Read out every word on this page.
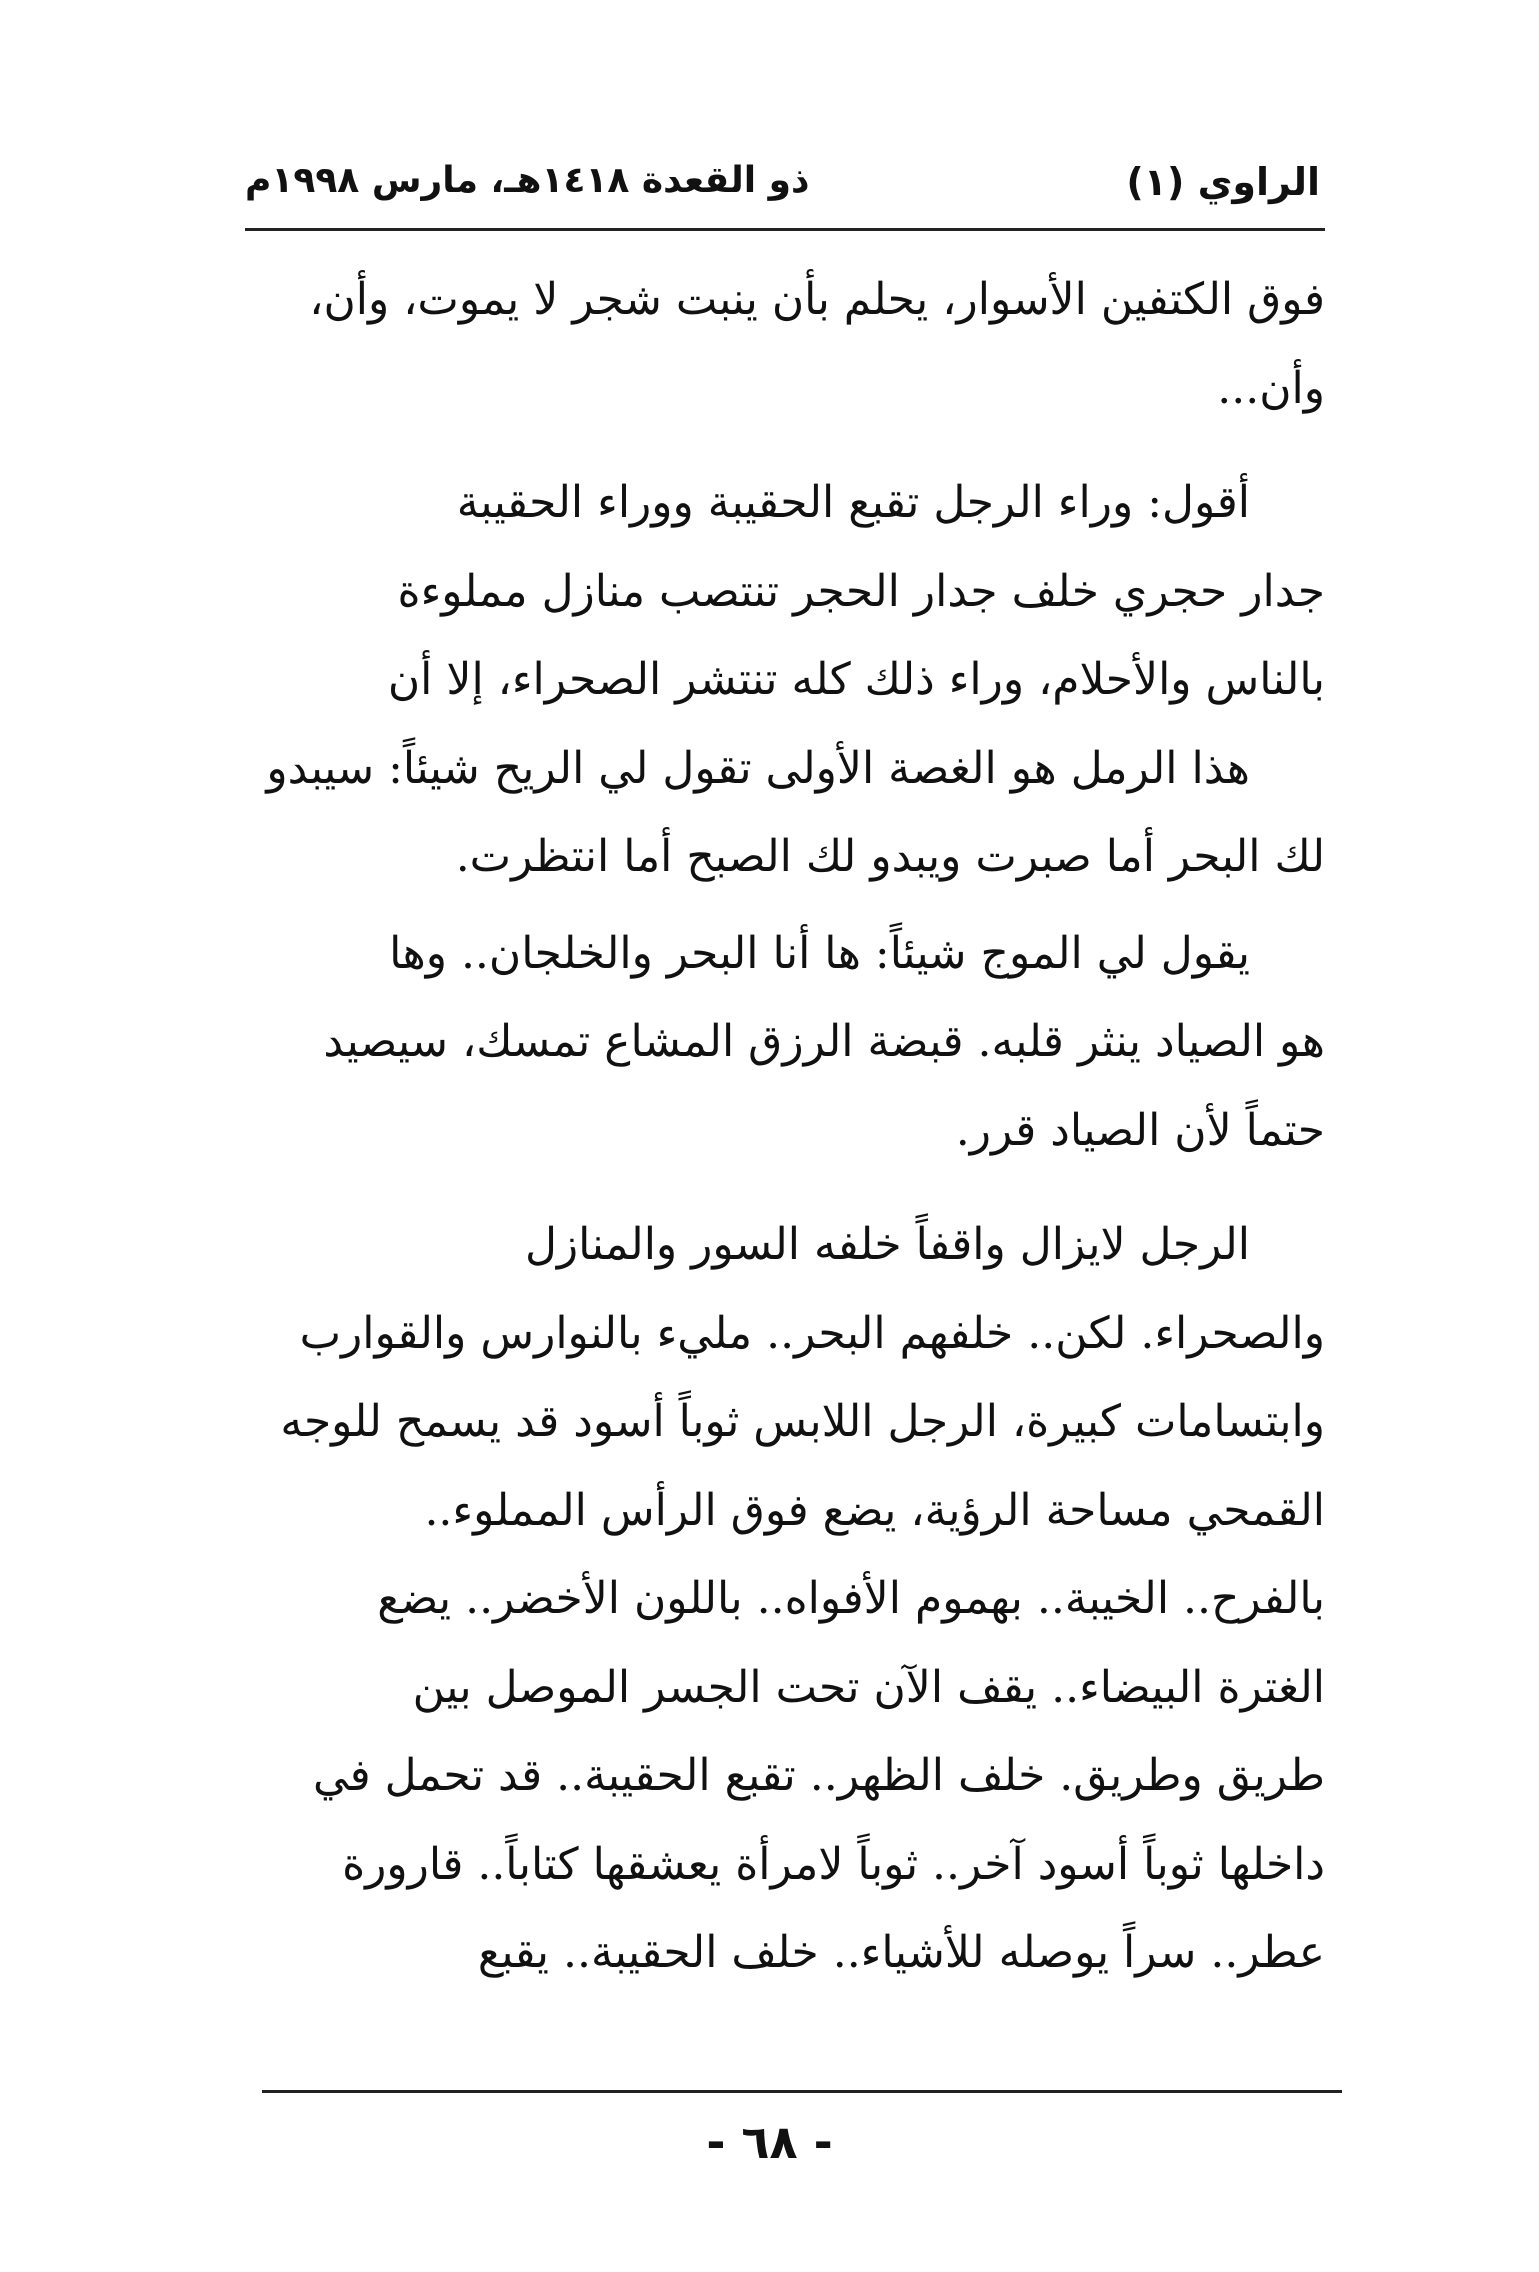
الراوي (١)
ذو القعدة ١٤١٨هـ، مارس ١٩٩٨م
فوق الكتفين الأسوار، يحلم بأن ينبت شجر لا يموت، وأن،
وأن...
أقول: وراء الرجل تقبع الحقيبة ووراء الحقيبة
جدار حجري خلف جدار الحجر تنتصب منازل مملوءة
بالناس والأحلام، وراء ذلك كله تنتشر الصحراء، إلا أن
هذا الرمل هو الغصة الأولى تقول لي الريح شيئاً: سيبدو
لك البحر أما صبرت ويبدو لك الصبح أما انتظرت.
يقول لي الموج شيئاً: ها أنا البحر والخلجان.. وها
هو الصياد ينثر قلبه. قبضة الرزق المشاع تمسك، سيصيد
حتماً لأن الصياد قرر.
الرجل لايزال واقفاً خلفه السور والمنازل
والصحراء. لكن.. خلفهم البحر.. مليء بالنوارس والقوارب
وابتسامات كبيرة، الرجل اللابس ثوباً أسود قد يسمح للوجه
القمحي مساحة الرؤية، يضع فوق الرأس المملوء..
بالفرح.. الخيبة.. بهموم الأفواه.. باللون الأخضر.. يضع
الغترة البيضاء.. يقف الآن تحت الجسر الموصل بين
طريق وطريق. خلف الظهر.. تقبع الحقيبة.. قد تحمل في
داخلها ثوباً أسود آخر.. ثوباً لامرأة يعشقها كتاباً.. قارورة
عطر.. سراً يوصله للأشياء.. خلف الحقيبة.. يقبع
- ٦٨ -
